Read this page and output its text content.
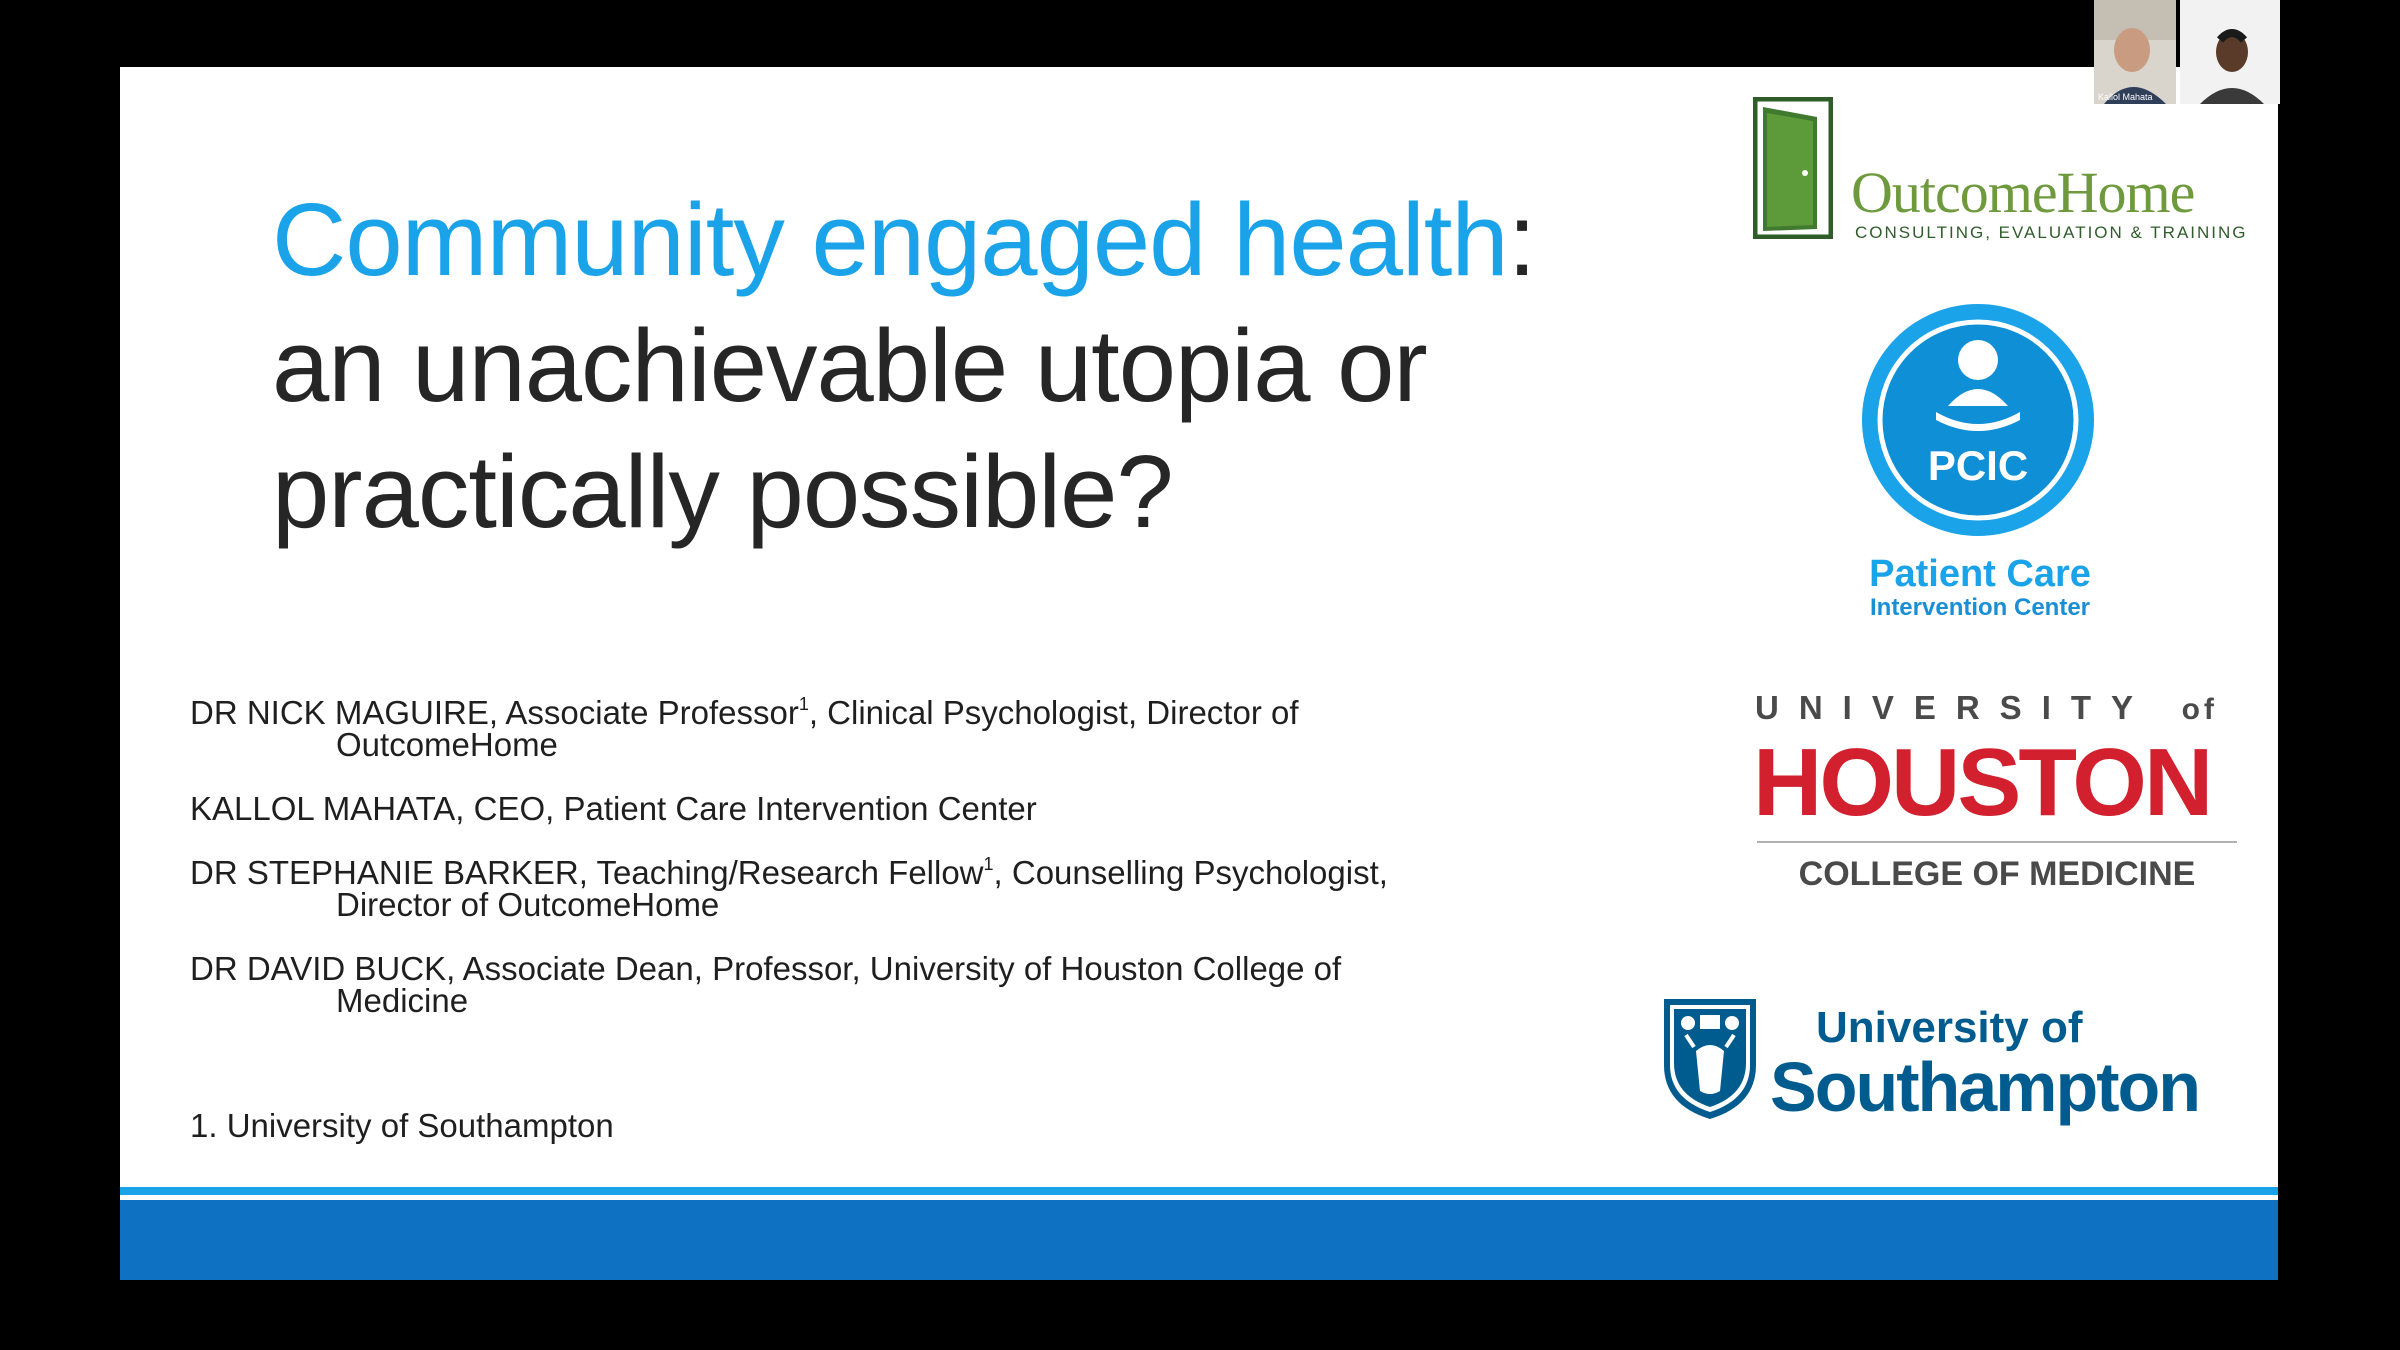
Community engaged health:
an unachievable utopia or
practically possible?
DR NICK MAGUIRE, Associate Professor$^1$, Clinical Psychologist, Director of
OutcomeHome
KALLOL MAHATA, CEO, Patient Care Intervention Center
DR STEPHANIE BARKER, Teaching/Research Fellow$^1$, Counselling Psychologist,
Director of OutcomeHome
DR DAVID BUCK, Associate Dean, Professor, University of Houston College of
Medicine
1. University of Southampton
OutcomeHome
CONSULTING, EVALUATION & TRAINING
PCIC
Patient Care
Intervention Center
UNIVERSITY of
HOUSTON
COLLEGE OF MEDICINE
University of
Southampton
Kallol Mahata
